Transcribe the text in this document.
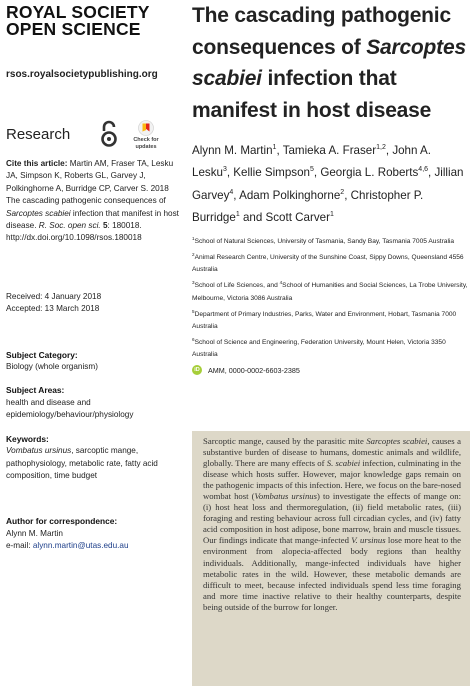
ROYAL SOCIETY
OPEN SCIENCE
rsos.royalsocietypublishing.org
Research	Check for
updates
Cite this article: Martin AM, Fraser TA, Lesku JA, Simpson K, Roberts GL, Garvey J, Polkinghorne A, Burridge CP, Carver S. 2018 The cascading pathogenic consequences of Sarcoptes scabiei infection that manifest in host disease. R. Soc. open sci. 5: 180018.
http://dx.doi.org/10.1098/rsos.180018
Received: 4 January 2018
Accepted: 13 March 2018
Subject Category:
Biology (whole organism)
Subject Areas:
health and disease and epidemiology/behaviour/physiology
Keywords:
Vombatus ursinus, sarcoptic mange, pathophysiology, metabolic rate, fatty acid composition, time budget
Author for correspondence:
Alynn M. Martin
e-mail: alynn.martin@utas.edu.au
The cascading pathogenic consequences of Sarcoptes scabiei infection that manifest in host disease
Alynn M. Martin$^1$, Tamieka A. Fraser$^{1,2}$, John A. Lesku$^3$, Kellie Simpson$^5$, Georgia L. Roberts$^{4,6}$, Jillian Garvey$^4$, Adam Polkinghorne$^2$, Christopher P. Burridge$^1$ and Scott Carver$^1$
$^1$School of Natural Sciences, University of Tasmania, Sandy Bay, Tasmania 7005 Australia
$^2$Animal Research Centre, University of the Sunshine Coast, Sippy Downs, Queensland 4556 Australia
$^3$School of Life Sciences, and $^4$School of Humanities and Social Sciences, La Trobe University, Melbourne, Victoria 3086 Australia
$^5$Department of Primary Industries, Parks, Water and Environment, Hobart, Tasmania 7000 Australia
$^6$School of Science and Engineering, Federation University, Mount Helen, Victoria 3350 Australia
iD	AMM, 0000-0002-6603-2385
Sarcoptic mange, caused by the parasitic mite Sarcoptes scabiei, causes a substantive burden of disease to humans, domestic animals and wildlife, globally. There are many effects of S. scabiei infection, culminating in the disease which hosts suffer. However, major knowledge gaps remain on the pathogenic impacts of this infection. Here, we focus on the bare-nosed wombat host (Vombatus ursinus) to investigate the effects of mange on: (i) host heat loss and thermoregulation, (ii) field metabolic rates, (iii) foraging and resting behaviour across full circadian cycles, and (iv) fatty acid composition in host adipose, bone marrow, brain and muscle tissues. Our findings indicate that mange-infected V. ursinus lose more heat to the environment from alopecia-affected body regions than healthy individuals. Additionally, mange-infected individuals have higher metabolic rates in the wild. However, these metabolic demands are difficult to meet, because infected individuals spend less time foraging and more time inactive relative to their healthy counterparts, despite being outside of the burrow for longer.
